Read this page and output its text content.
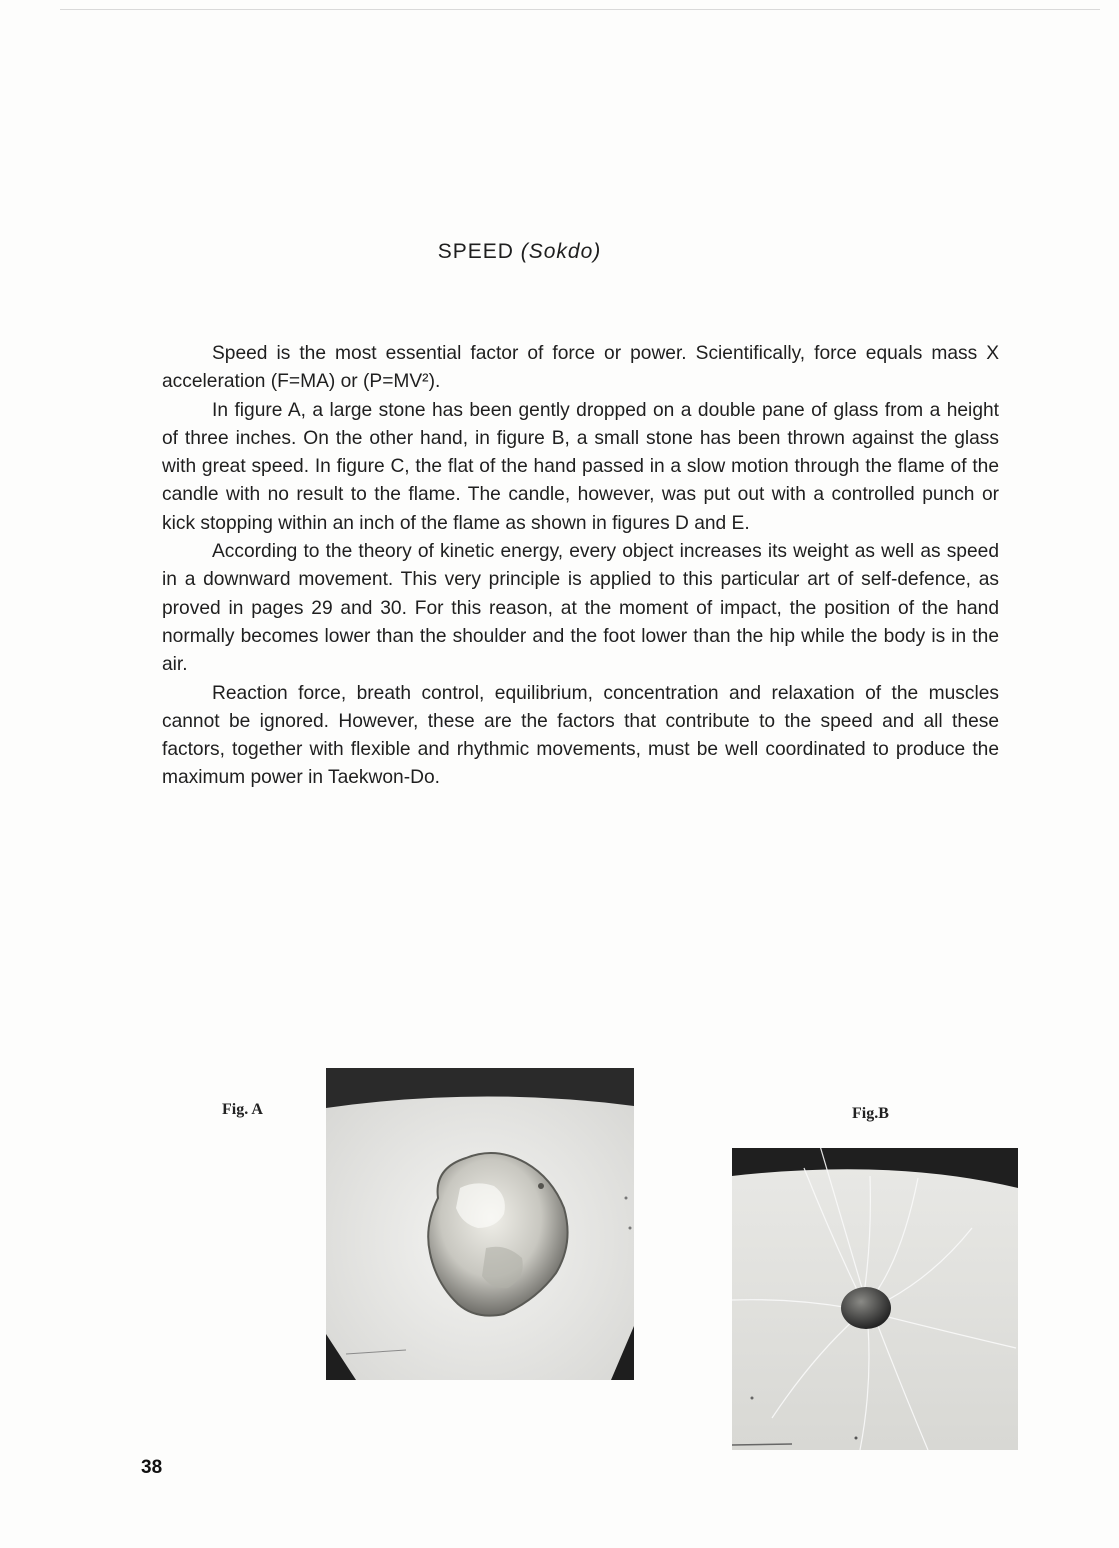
SPEED (Sokdo)

Speed is the most essential factor of force or power. Scientifically, force equals mass X acceleration (F=MA) or (P=MV²).

In figure A, a large stone has been gently dropped on a double pane of glass from a height of three inches. On the other hand, in figure B, a small stone has been thrown against the glass with great speed. In figure C, the flat of the hand passed in a slow motion through the flame of the candle with no result to the flame. The candle, however, was put out with a controlled punch or kick stopping within an inch of the flame as shown in figures D and E.

According to the theory of kinetic energy, every object increases its weight as well as speed in a downward movement. This very principle is applied to this particular art of self-defence, as proved in pages 29 and 30. For this reason, at the moment of impact, the position of the hand normally becomes lower than the shoulder and the foot lower than the hip while the body is in the air.

Reaction force, breath control, equilibrium, concentration and relaxation of the muscles cannot be ignored. However, these are the factors that contribute to the speed and all these factors, together with flexible and rhythmic movements, must be well coordinated to produce the maximum power in Taekwon-Do.

Fig. A	Fig.B
38
